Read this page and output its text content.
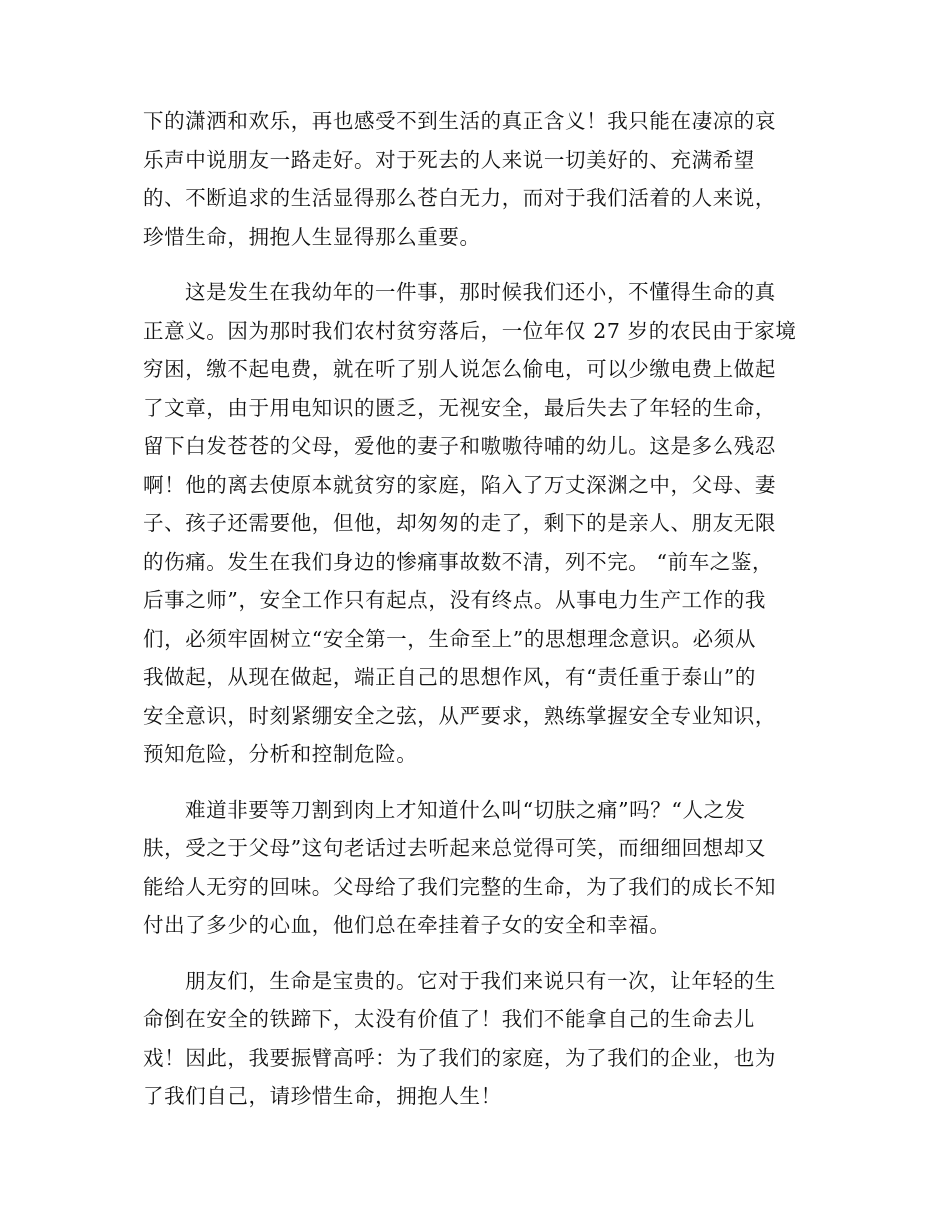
下的潇洒和欢乐，再也感受不到生活的真正含义！我只能在凄凉的哀
乐声中说朋友一路走好。对于死去的人来说一切美好的、充满希望
的、不断追求的生活显得那么苍白无力，而对于我们活着的人来说，
珍惜生命，拥抱人生显得那么重要。

这是发生在我幼年的一件事，那时候我们还小，不懂得生命的真
正意义。因为那时我们农村贫穷落后，一位年仅 27 岁的农民由于家境
穷困，缴不起电费，就在听了别人说怎么偷电，可以少缴电费上做起
了文章，由于用电知识的匮乏，无视安全，最后失去了年轻的生命，
留下白发苍苍的父母，爱他的妻子和嗷嗷待哺的幼儿。这是多么残忍
啊！他的离去使原本就贫穷的家庭，陷入了万丈深渊之中，父母、妻
子、孩子还需要他，但他，却匆匆的走了，剩下的是亲人、朋友无限
的伤痛。发生在我们身边的惨痛事故数不清，列不完。 “前车之鉴，
后事之师”，安全工作只有起点，没有终点。从事电力生产工作的我
们，必须牢固树立“安全第一，生命至上”的思想理念意识。必须从
我做起，从现在做起，端正自己的思想作风，有“责任重于泰山”的
安全意识，时刻紧绷安全之弦，从严要求，熟练掌握安全专业知识，
预知危险，分析和控制危险。

难道非要等刀割到肉上才知道什么叫“切肤之痛”吗？“人之发
肤，受之于父母”这句老话过去听起来总觉得可笑，而细细回想却又
能给人无穷的回味。父母给了我们完整的生命，为了我们的成长不知
付出了多少的心血，他们总在牵挂着子女的安全和幸福。

朋友们，生命是宝贵的。它对于我们来说只有一次，让年轻的生
命倒在安全的铁蹄下，太没有价值了！我们不能拿自己的生命去儿
戏！因此，我要振臂高呼：为了我们的家庭，为了我们的企业，也为
了我们自己，请珍惜生命，拥抱人生！
